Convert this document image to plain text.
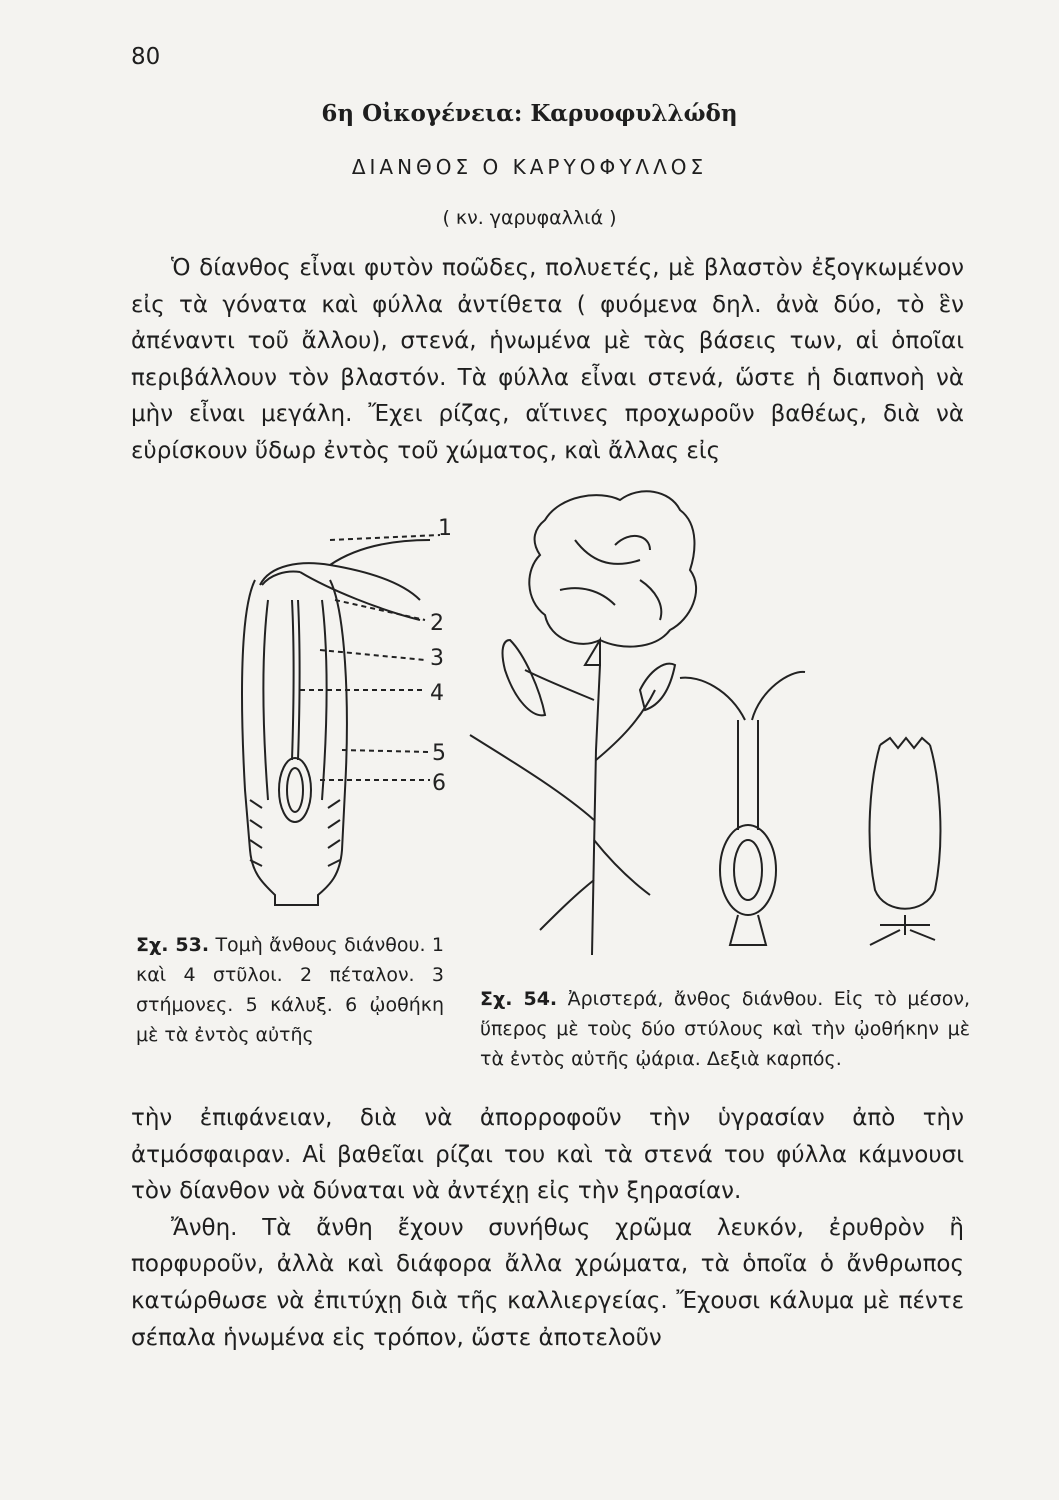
80
6η Οἰκογένεια: Καρυοφυλλώδη
ΔΙΑΝΘΟΣ Ο ΚΑΡΥΟΦΥΛΛΟΣ
( κν. γαρυφαλλιά )

Ὁ δίανθος εἶναι φυτὸν ποῶδες, πολυετές, μὲ βλαστὸν ἐξογκωμένον εἰς τὰ γόνατα καὶ φύλλα ἀντίθετα ( φυόμενα δηλ. ἀνὰ δύο, τὸ ἓν ἀπέναντι τοῦ ἄλλου), στενά, ἡνωμένα μὲ τὰς βάσεις των, αἱ ὁποῖαι περιβάλλουν τὸν βλαστόν. Τὰ φύλλα εἶναι στενά, ὥστε ἡ διαπνοὴ νὰ μὴν εἶναι μεγάλη. Ἔχει ρίζας, αἵτινες προχωροῦν βαθέως, διὰ νὰ εὑρίσκουν ὕδωρ ἐντὸς τοῦ χώματος, καὶ ἄλλας εἰς

1
2
3
4
5
6
Σχ. 53. Τομὴ ἄνθους διάνθου. 1 καὶ 4 στῦλοι. 2 πέταλον. 3 στήμονες. 5 κάλυξ. 6 ᾠοθήκη μὲ τὰ ἐντὸς αὐτῆς
Σχ. 54. Ἀριστερά, ἄνθος διάνθου. Εἰς τὸ μέσον, ὕπερος μὲ τοὺς δύο στύλους καὶ τὴν ᾠοθήκην μὲ τὰ ἐντὸς αὐτῆς ᾠάρια. Δεξιὰ καρπός.

τὴν ἐπιφάνειαν, διὰ νὰ ἀπορροφοῦν τὴν ὑγρασίαν ἀπὸ τὴν ἀτμόσφαιραν. Αἱ βαθεῖαι ρίζαι του καὶ τὰ στενά του φύλλα κάμνουσι τὸν δίανθον νὰ δύναται νὰ ἀντέχῃ εἰς τὴν ξηρασίαν.

Ἄνθη. Τὰ ἄνθη ἔχουν συνήθως χρῶμα λευκόν, ἐρυθρὸν ἢ πορφυροῦν, ἀλλὰ καὶ διάφορα ἄλλα χρώματα, τὰ ὁποῖα ὁ ἄνθρωπος κατώρθωσε νὰ ἐπιτύχῃ διὰ τῆς καλλιεργείας. Ἔχουσι κάλυμα μὲ πέντε σέπαλα ἡνωμένα εἰς τρόπον, ὥστε ἀποτελοῦν
